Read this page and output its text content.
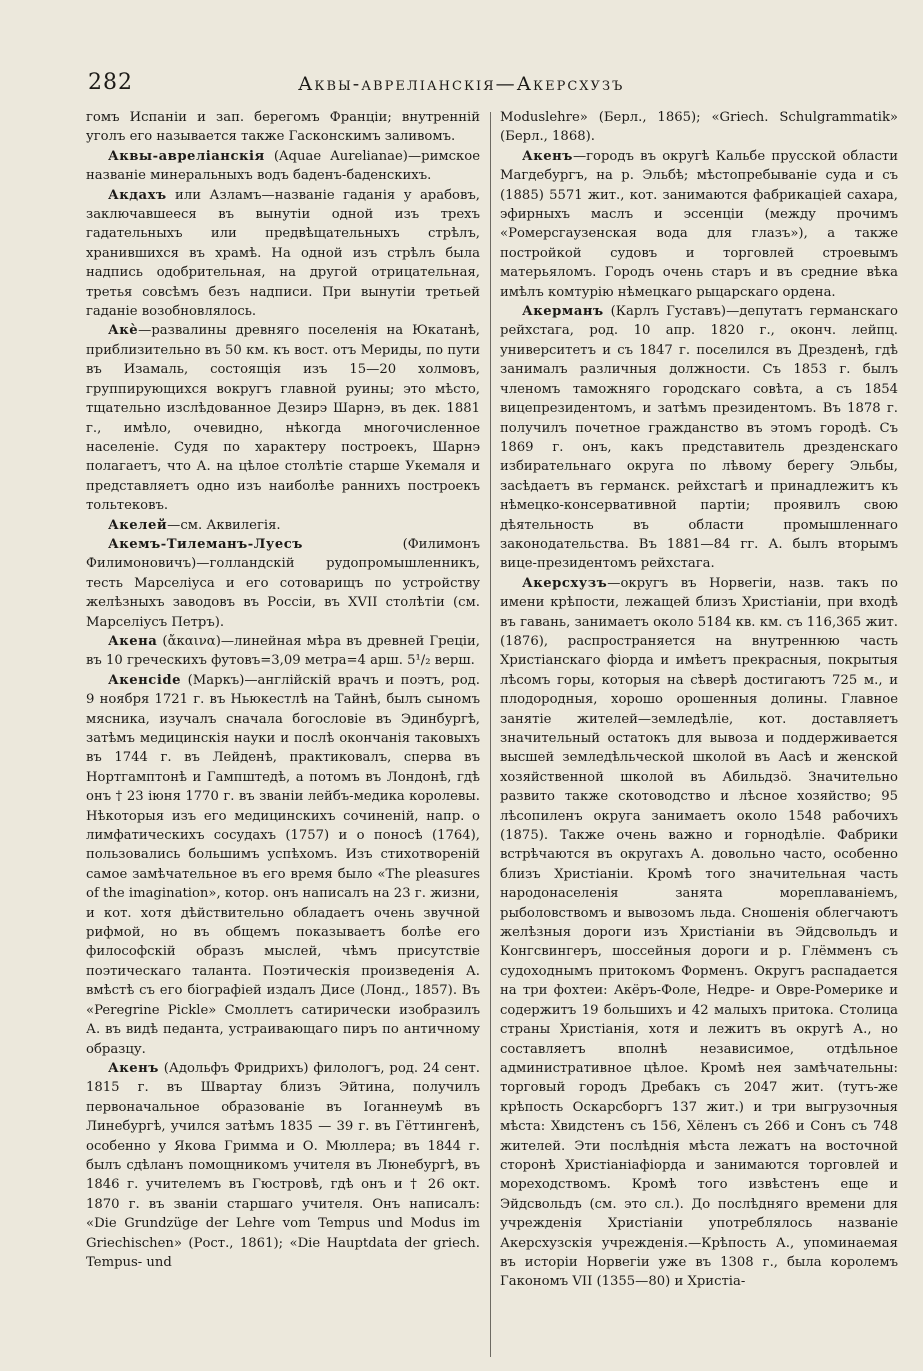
282	Аквы-аврелiанскiя—Акерсхузъ

гомъ Испанiи и зап. берегомъ Францiи; внутреннiй уголъ его называется также Гасконскимъ заливомъ.

Аквы-аврелiанскiя (Aquae Aurelianae)—римское названiе минеральныхъ водъ баденъ-баденскихъ.

Акдахъ или Азламъ—названiе гаданiя у арабовъ, заключавшееся въ вынутiи одной изъ трехъ гадательныхъ или предвѣщательныхъ стрѣлъ, хранившихся въ храмѣ. На одной изъ стрѣлъ была надпись одобрительная, на другой отрицательная, третья совсѣмъ безъ надписи. При вынутiи третьей гаданiе возобновлялось.

Акè—развалины древняго поселенiя на Юкатанѣ, приблизительно въ 50 км. къ вост. отъ Мериды, по пути въ Изамаль, состоящiя изъ 15—20 холмовъ, группирующихся вокругъ главной руины; это мѣсто, тщательно изслѣдованное Дезирэ Шарнэ, въ дек. 1881 г., имѣло, очевидно, нѣкогда многочисленное населенiе. Судя по характеру построекъ, Шарнэ полагаетъ, что А. на цѣлое столѣтiе старше Укемаля и представляетъ одно изъ наиболѣе раннихъ построекъ тольтековъ.

Акелей—см. Аквилегiя.

Акемъ-Тилеманъ-Луесъ (Филимонъ Филимоновичъ)—голландскiй рудопромышленникъ, тесть Марселiуса и его сотоварищъ по устройству желѣзныхъ заводовъ въ Россiи, въ XVII столѣтiи (см. Марселiусъ Петръ).

Акена (ἄκαινα)—линейная мѣра въ древней Грецiи, въ 10 греческихъ футовъ=3,09 метра=4 арш. 5¹/₂ верш.

Акенсide (Маркъ)—англiйскiй врачъ и поэтъ, род. 9 ноября 1721 г. въ Ньюкестлѣ на Тайнѣ, былъ сыномъ мясника, изучалъ сначала богословiе въ Эдинбургѣ, затѣмъ медицинскiя науки и послѣ окончанiя таковыхъ въ 1744 г. въ Лейденѣ, практиковалъ, сперва въ Нортгамптонѣ и Гампштедѣ, а потомъ въ Лондонѣ, гдѣ онъ † 23 iюня 1770 г. въ званiи лейбъ-медика королевы. Нѣкоторыя изъ его медицинскихъ сочиненiй, напр. о лимфатическихъ сосудахъ (1757) и о поносѣ (1764), пользовались большимъ успѣхомъ. Изъ стихотворенiй самое замѣчательное въ его время было «The pleasures of the imagination», котор. онъ написалъ на 23 г. жизни, и кот. хотя дѣйствительно обладаетъ очень звучной рифмой, но въ общемъ показываетъ болѣе его философскiй образъ мыслей, чѣмъ присутствiе поэтическаго таланта. Поэтическiя произведенiя А. вмѣстѣ съ его бiографiей издалъ Дисе (Лонд., 1857). Въ «Peregrine Pickle» Смоллетъ сатирически изобразилъ А. въ видѣ педанта, устраивающаго пиръ по античному образцу.

Акенъ (Адольфъ Фридрихъ) филологъ, род. 24 сент. 1815 г. въ Швартау близъ Эйтина, получилъ первоначальное образованiе въ Iоганнеумѣ въ Линебургѣ, учился затѣмъ 1835 — 39 г. въ Гёттингенѣ, особенно у Якова Гримма и О. Мюллера; въ 1844 г. былъ сдѣланъ помощникомъ учителя въ Люнебургѣ, въ 1846 г. учителемъ въ Гюстровѣ, гдѣ онъ и † 26 окт. 1870 г. въ званiи старшаго учителя. Онъ написалъ: «Die Grundzüge der Lehre vom Tempus und Modus im Griechischen» (Рост., 1861); «Die Hauptdata der griech. Tempus- und

Moduslehre» (Берл., 1865); «Griech. Schulgrammatik» (Берл., 1868).

Акенъ—городъ въ округѣ Кальбе прусской области Магдебургъ, на р. Эльбѣ; мѣстопребыванiе суда и съ (1885) 5571 жит., кот. занимаются фабрикацiей сахара, эфирныхъ маслъ и эссенцiи (между прочимъ «Ромерсгаузенская вода для глазъ»), а также постройкой судовъ и торговлей строевымъ матерьяломъ. Городъ очень старъ и въ средние вѣка имѣлъ комтурiю нѣмецкаго рыцарскаго ордена.

Акерманъ (Карлъ Густавъ)—депутатъ германскаго рейхстага, род. 10 апр. 1820 г., оконч. лейпц. университетъ и съ 1847 г. поселился въ Дрезденѣ, гдѣ занималъ различныя должности. Съ 1853 г. былъ членомъ таможняго городскаго совѣта, а съ 1854 вицепрезидентомъ, и затѣмъ президентомъ. Въ 1878 г. получилъ почетное гражданство въ этомъ городѣ. Съ 1869 г. онъ, какъ представитель дрезденскаго избирательнаго округа по лѣвому берегу Эльбы, засѣдаетъ въ германск. рейхстагѣ и принадлежитъ къ нѣмецко-консервативной партiи; проявилъ свою дѣятельность въ области промышленнаго законодательства. Въ 1881—84 гг. А. былъ вторымъ вице-президентомъ рейхстага.

Акерсхузъ—округъ въ Норвегiи, назв. такъ по имени крѣпости, лежащей близъ Христiанiи, при входѣ въ гавань, занимаетъ около 5184 кв. км. съ 116,365 жит. (1876), распространяется на внутреннюю часть Христiанскаго фiорда и имѣетъ прекрасныя, покрытыя лѣсомъ горы, которыя на сѣверѣ достигаютъ 725 м., и плодородныя, хорошо орошенныя долины. Главное занятiе жителей—земледѣлiе, кот. доставляетъ значительный остатокъ для вывоза и поддерживается высшей земледѣльческой школой въ Аасѣ и женской хозяйственной школой въ Абильдзö. Значительно развито также скотоводство и лѣсное хозяйство; 95 лѣсопиленъ округа занимаетъ около 1548 рабочихъ (1875). Также очень важно и горнодѣлiе. Фабрики встрѣчаются въ округахъ А. довольно часто, особенно близъ Христiанiи. Кромѣ того значительная часть народонаселенiя занята мореплаванiемъ, рыболовствомъ и вывозомъ льда. Сношенiя облегчаютъ желѣзныя дороги изъ Христiанiи въ Эйдсвольдъ и Конгсвингеръ, шоссейныя дороги и р. Глёмменъ съ судоходнымъ притокомъ Форменъ. Округъ распадается на три фохтеи: Акёръ-Фоле, Недре- и Овре-Ромерике и содержитъ 19 большихъ и 42 малыхъ притока. Столица страны Христiанiя, хотя и лежитъ въ округѣ А., но составляетъ вполнѣ независимое, отдѣльное административное цѣлое. Кромѣ нея замѣчательны: торговый городъ Дребакъ съ 2047 жит. (тутъ-же крѣпость Оскарсборгъ 137 жит.) и три выгрузочныя мѣста: Хвидстенъ съ 156, Хёленъ съ 266 и Сонъ съ 748 жителей. Эти послѣднiя мѣста лежатъ на восточной сторонѣ Христiанiафiорда и занимаются торговлей и мореходствомъ. Кромѣ того извѣстенъ еще и Эйдсвольдъ (см. это сл.). До послѣдняго времени для учрежденiя Христiанiи употреблялось названiе Акерсхузскiя учрежденiя.—Крѣпость А., упоминаемая въ исторiи Норвегiи уже въ 1308 г., была королемъ Гакономъ VII (1355—80) и Христiа-
